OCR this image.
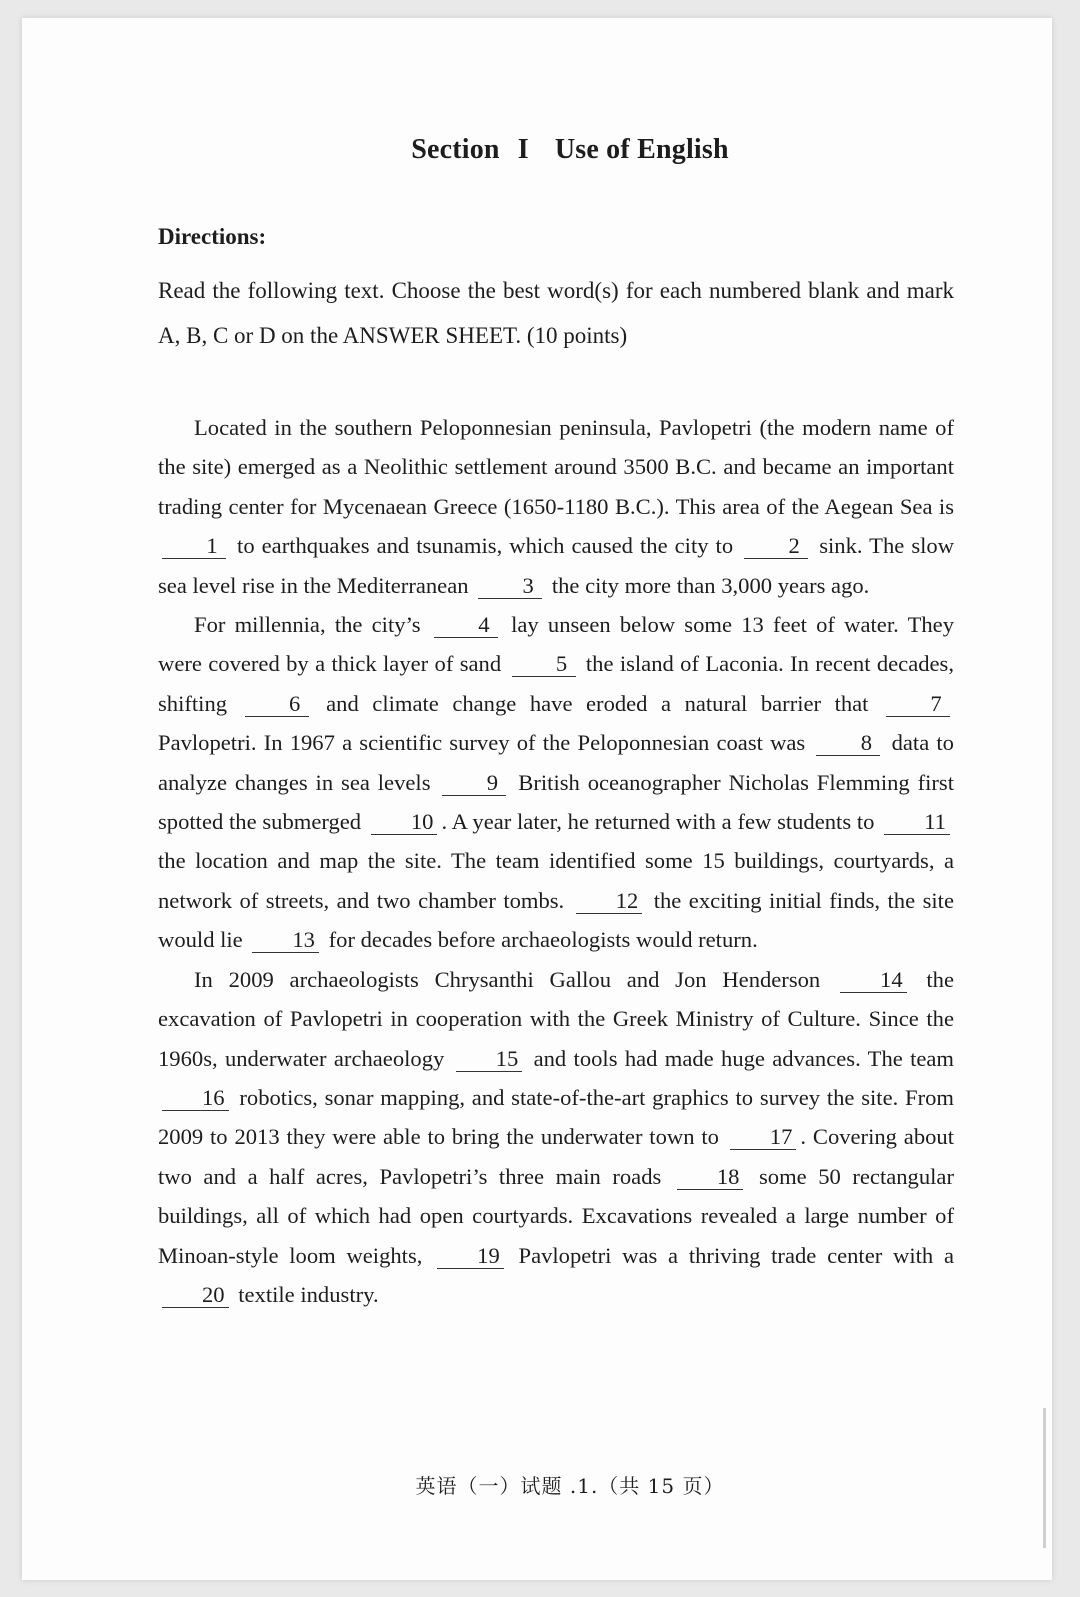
Section I Use of English
Directions:
Read the following text. Choose the best word(s) for each numbered blank and mark A, B, C or D on the ANSWER SHEET. (10 points)

Located in the southern Peloponnesian peninsula, Pavlopetri (the modern name of the site) emerged as a Neolithic settlement around 3500 B.C. and became an important trading center for Mycenaean Greece (1650-1180 B.C.). This area of the Aegean Sea is 1 to earthquakes and tsunamis, which caused the city to 2 sink. The slow sea level rise in the Mediterranean 3 the city more than 3,000 years ago.

For millennia, the city’s	4 lay unseen below some 13 feet of water. They were covered by a thick layer of sand 5 the island of Laconia. In recent decades, shifting	6 and climate change have eroded a natural barrier that	7 Pavlopetri. In 1967 a scientific survey of the Peloponnesian coast was 8 data to analyze changes in sea levels 9 British oceanographer Nicholas Flemming first spotted the submerged 10 . A year later, he returned with a few students to 11 the location and map the site. The team identified some 15 buildings, courtyards, a network of streets, and two chamber tombs. 12 the exciting initial finds, the site would lie 13 for decades before archaeologists would return.

In 2009 archaeologists Chrysanthi Gallou and Jon Henderson	14 the excavation of Pavlopetri in cooperation with the Greek Ministry of Culture. Since the 1960s, underwater archaeology 15 and tools had made huge advances. The team 16 robotics, sonar mapping, and state-of-the-art graphics to survey the site. From 2009 to 2013 they were able to bring the underwater town to 17 . Covering about two and a half acres, Pavlopetri’s three main roads 18 some 50 rectangular buildings, all of which had open courtyards. Excavations revealed a large number of Minoan-style loom weights, 19 Pavlopetri was a thriving trade center with a 20 textile industry.

英语（一）试题 .1.（共 15 页）
